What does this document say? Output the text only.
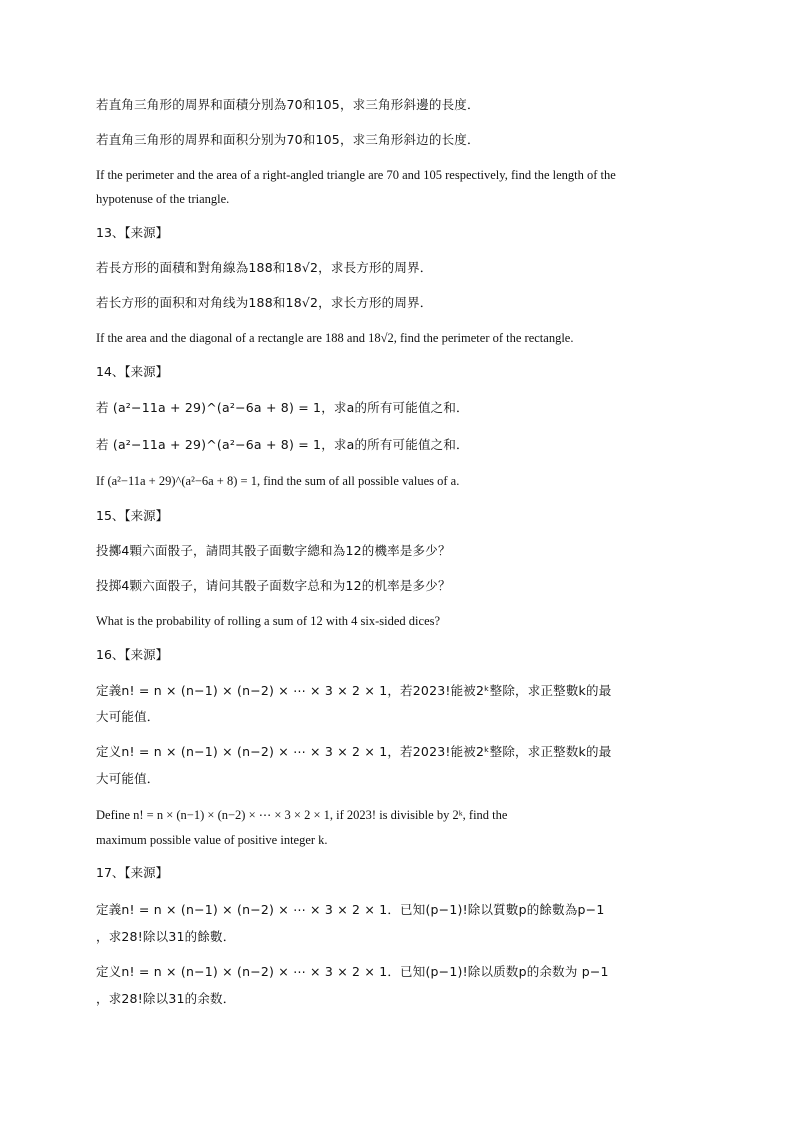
若直角三角形的周界和面積分別為70和105，求三角形斜邊的長度．
若直角三角形的周界和面积分别为70和105，求三角形斜边的长度．
If the perimeter and the area of a right-angled triangle are 70 and 105 respectively, find the length of the
hypotenuse of the triangle.
13、【来源】
若長方形的面積和對角線為188和18√2，求長方形的周界．
若长方形的面积和对角线为188和18√2，求长方形的周界．
If the area and the diagonal of a rectangle are 188 and 18√2, find the perimeter of the rectangle.
14、【来源】
若 (a²−11a + 29)^(a²−6a + 8) = 1，求a的所有可能值之和．
若 (a²−11a + 29)^(a²−6a + 8) = 1，求a的所有可能值之和．
If (a²−11a + 29)^(a²−6a + 8) = 1, find the sum of all possible values of a.
15、【来源】
投擲4顆六面骰子，請問其骰子面數字總和為12的機率是多少？
投掷4颗六面骰子，请问其骰子面数字总和为12的机率是多少？
What is the probability of rolling a sum of 12 with 4 six-sided dices?
16、【来源】
定義n! = n × (n−1) × (n−2) × ⋯ × 3 × 2 × 1，若2023!能被2ᵏ整除，求正整數k的最
大可能值．
定义n! = n × (n−1) × (n−2) × ⋯ × 3 × 2 × 1，若2023!能被2ᵏ整除，求正整数k的最
大可能值．
Define n! = n × (n−1) × (n−2) × ⋯ × 3 × 2 × 1, if 2023! is divisible by 2ᵏ, find the
maximum possible value of positive integer k.
17、【来源】
定義n! = n × (n−1) × (n−2) × ⋯ × 3 × 2 × 1．已知(p−1)!除以質數p的餘數為p−1
，求28!除以31的餘數．
定义n! = n × (n−1) × (n−2) × ⋯ × 3 × 2 × 1．已知(p−1)!除以质数p的余数为 p−1
，求28!除以31的余数．
